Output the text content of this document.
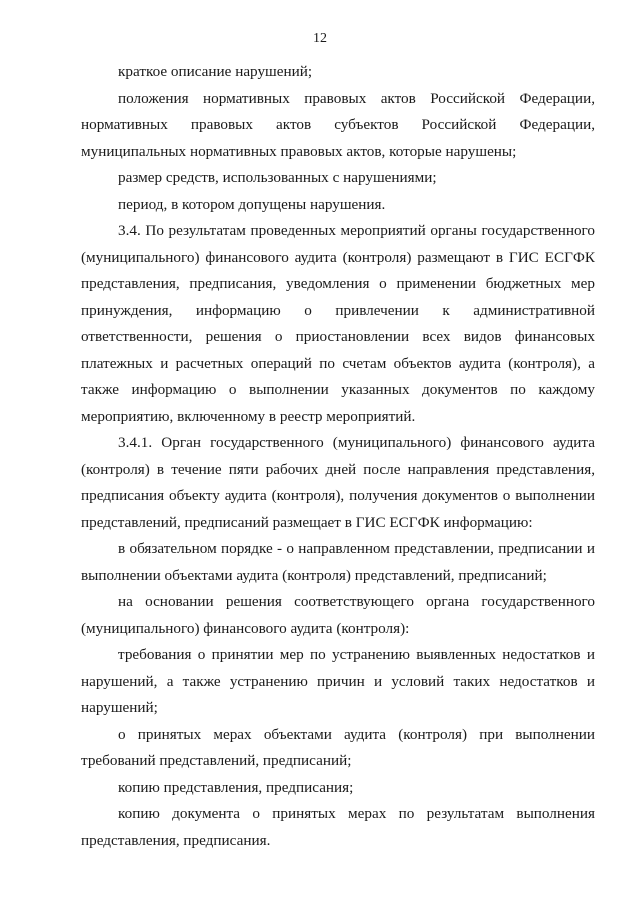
12

краткое описание нарушений;

положения нормативных правовых актов Российской Федерации, нормативных правовых актов субъектов Российской Федерации, муниципальных нормативных правовых актов, которые нарушены;

размер средств, использованных с нарушениями;

период, в котором допущены нарушения.

3.4. По результатам проведенных мероприятий органы государственного (муниципального) финансового аудита (контроля) размещают в ГИС ЕСГФК представления, предписания, уведомления о применении бюджетных мер принуждения, информацию о привлечении к административной ответственности, решения о приостановлении всех видов финансовых платежных и расчетных операций по счетам объектов аудита (контроля), а также информацию о выполнении указанных документов по каждому мероприятию, включенному в реестр мероприятий.

3.4.1. Орган государственного (муниципального) финансового аудита (контроля) в течение пяти рабочих дней после направления представления, предписания объекту аудита (контроля), получения документов о выполнении представлений, предписаний размещает в ГИС ЕСГФК информацию:

в обязательном порядке - о направленном представлении, предписании и выполнении объектами аудита (контроля) представлений, предписаний;

на основании решения соответствующего органа государственного (муниципального) финансового аудита (контроля):

требования о принятии мер по устранению выявленных недостатков и нарушений, а также устранению причин и условий таких недостатков и нарушений;

о принятых мерах объектами аудита (контроля) при выполнении требований представлений, предписаний;

копию представления, предписания;

копию документа о принятых мерах по результатам выполнения представления, предписания.
